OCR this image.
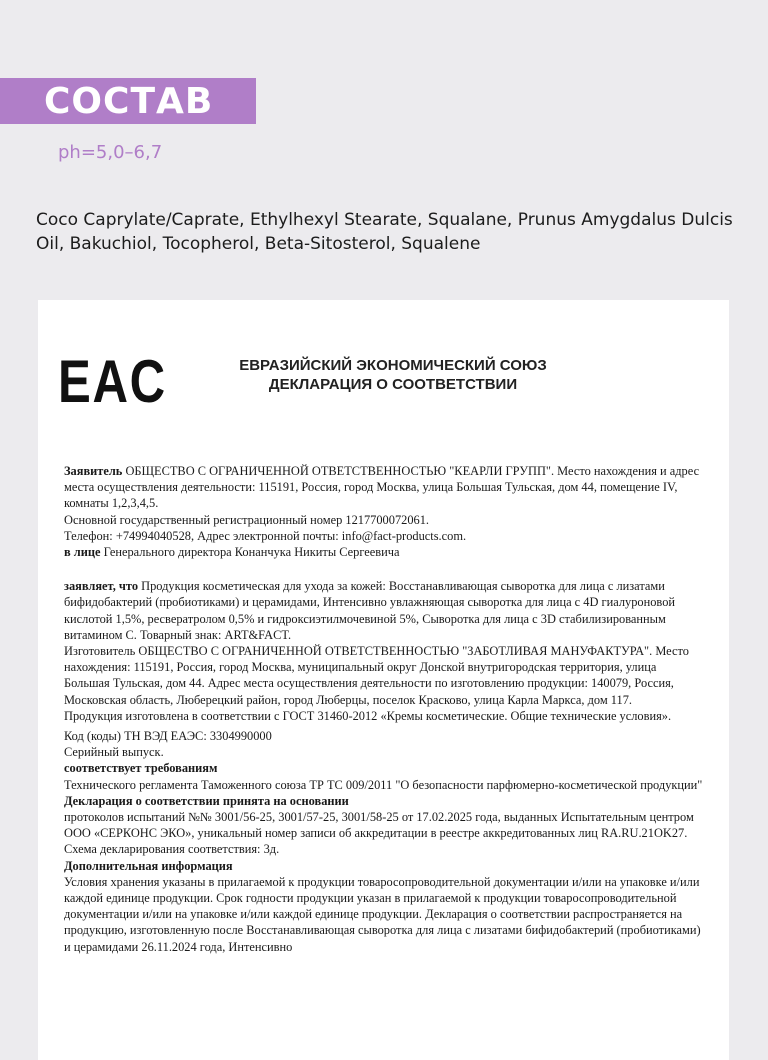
СОСТАВ
ph=5,0–6,7
Coco Caprylate/Caprate, Ethylhexyl Stearate, Squalane, Prunus Amygdalus Dulcis Oil, Bakuchiol, Tocopherol, Beta-Sitosterol, Squalene
EAC	ЕВРАЗИЙСКИЙ ЭКОНОМИЧЕСКИЙ СОЮЗ
ДЕКЛАРАЦИЯ О СООТВЕТСТВИИ

Заявитель ОБЩЕСТВО С ОГРАНИЧЕННОЙ ОТВЕТСТВЕННОСТЬЮ "КЕАРЛИ ГРУПП". Место нахождения и адрес места осуществления деятельности: 115191, Россия, город Москва, улица Большая Тульская, дом 44, помещение IV, комнаты 1,2,3,4,5.

Основной государственный регистрационный номер 1217700072061.

Телефон: +74994040528, Адрес электронной почты: info@fact-products.com.

в лице Генерального директора Конанчука Никиты Сергеевича

заявляет, что Продукция косметическая для ухода за кожей: Восстанавливающая сыворотка для лица с лизатами бифидобактерий (пробиотиками) и церамидами, Интенсивно увлажняющая сыворотка для лица с 4D гиалуроновой кислотой 1,5%, ресвератролом 0,5% и гидроксиэтилмочевиной 5%, Сыворотка для лица с 3D стабилизированным витамином С. Товарный знак: ART&FACT.

Изготовитель ОБЩЕСТВО С ОГРАНИЧЕННОЙ ОТВЕТСТВЕННОСТЬЮ "ЗАБОТЛИВАЯ МАНУФАКТУРА". Место нахождения: 115191, Россия, город Москва, муниципальный округ Донской внутригородская территория, улица Большая Тульская, дом 44. Адрес места осуществления деятельности по изготовлению продукции: 140079, Россия, Московская область, Люберецкий район, город Люберцы, поселок Красково, улица Карла Маркса, дом 117.

Продукция изготовлена в соответствии с ГОСТ 31460-2012 «Кремы косметические. Общие технические условия».

Код (коды) ТН ВЭД ЕАЭС: 3304990000

Серийный выпуск.

соответствует требованиям

Технического регламента Таможенного союза ТР ТС 009/2011 "О безопасности парфюмерно-косметической продукции"

Декларация о соответствии принята на основании

протоколов испытаний №№ 3001/56-25, 3001/57-25, 3001/58-25 от 17.02.2025 года, выданных Испытательным центром ООО «СЕРКОНС ЭКО», уникальный номер записи об аккредитации в реестре аккредитованных лиц RA.RU.21OK27.

Схема декларирования соответствия: 3д.

Дополнительная информация

Условия хранения указаны в прилагаемой к продукции товаросопроводительной документации и/или на упаковке и/или каждой единице продукции. Срок годности продукции указан в прилагаемой к продукции товаросопроводительной документации и/или на упаковке и/или каждой единице продукции. Декларация о соответствии распространяется на продукцию, изготовленную после Восстанавливающая сыворотка для лица с лизатами бифидобактерий (пробиотиками) и церамидами 26.11.2024 года, Интенсивно
